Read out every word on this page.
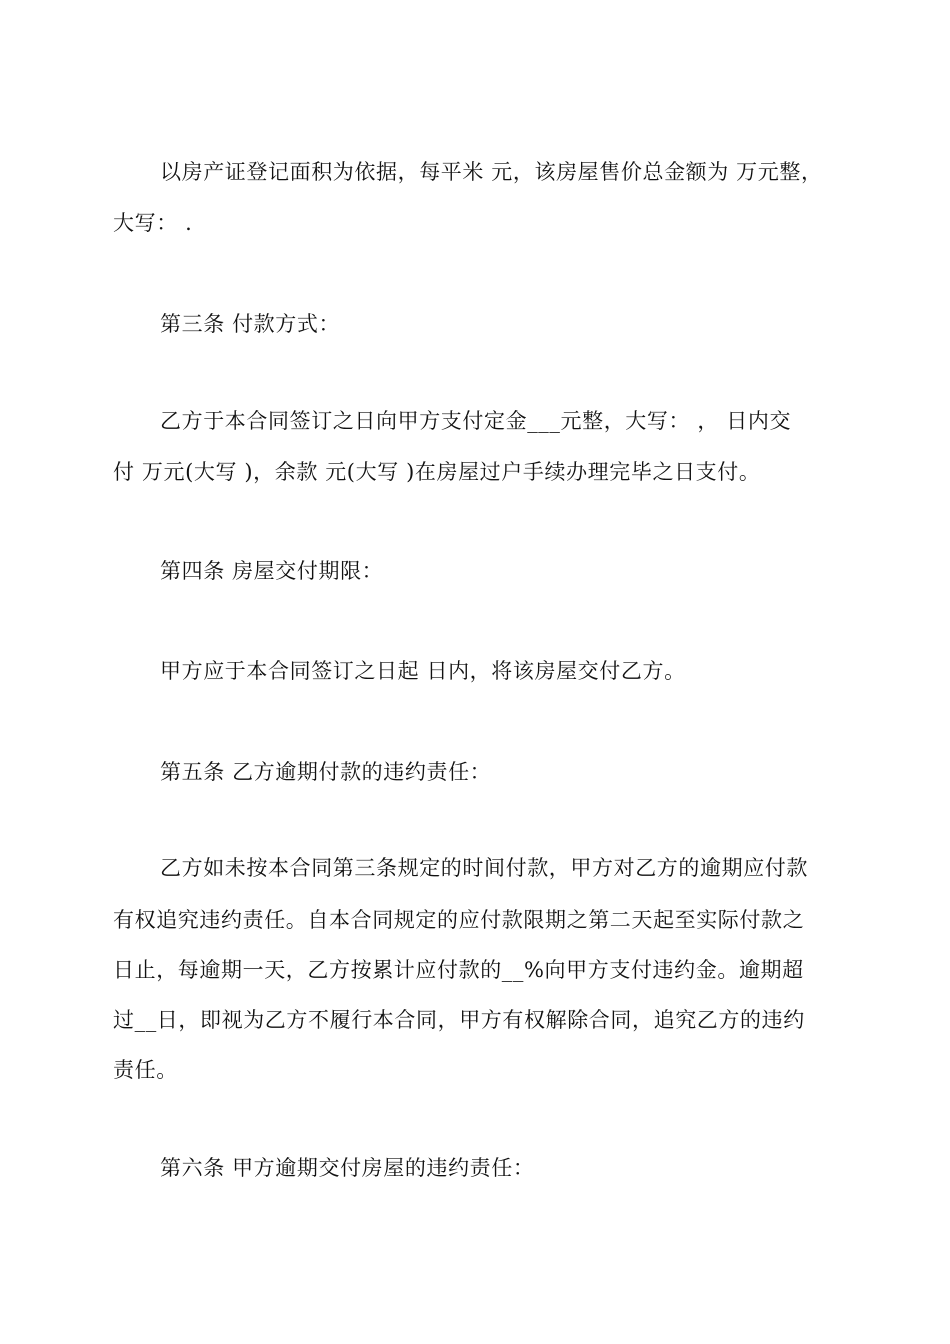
以房产证登记面积为依据，每平米 元，该房屋售价总金额为 万元整，
大写： .
第三条 付款方式：
乙方于本合同签订之日向甲方支付定金___元整，大写： ， 日内交
付 万元(大写 )，余款 元(大写 )在房屋过户手续办理完毕之日支付。
第四条 房屋交付期限：
甲方应于本合同签订之日起 日内，将该房屋交付乙方。
第五条 乙方逾期付款的违约责任：
乙方如未按本合同第三条规定的时间付款，甲方对乙方的逾期应付款
有权追究违约责任。自本合同规定的应付款限期之第二天起至实际付款之
日止，每逾期一天，乙方按累计应付款的__%向甲方支付违约金。逾期超
过__日，即视为乙方不履行本合同，甲方有权解除合同，追究乙方的违约
责任。
第六条 甲方逾期交付房屋的违约责任：
